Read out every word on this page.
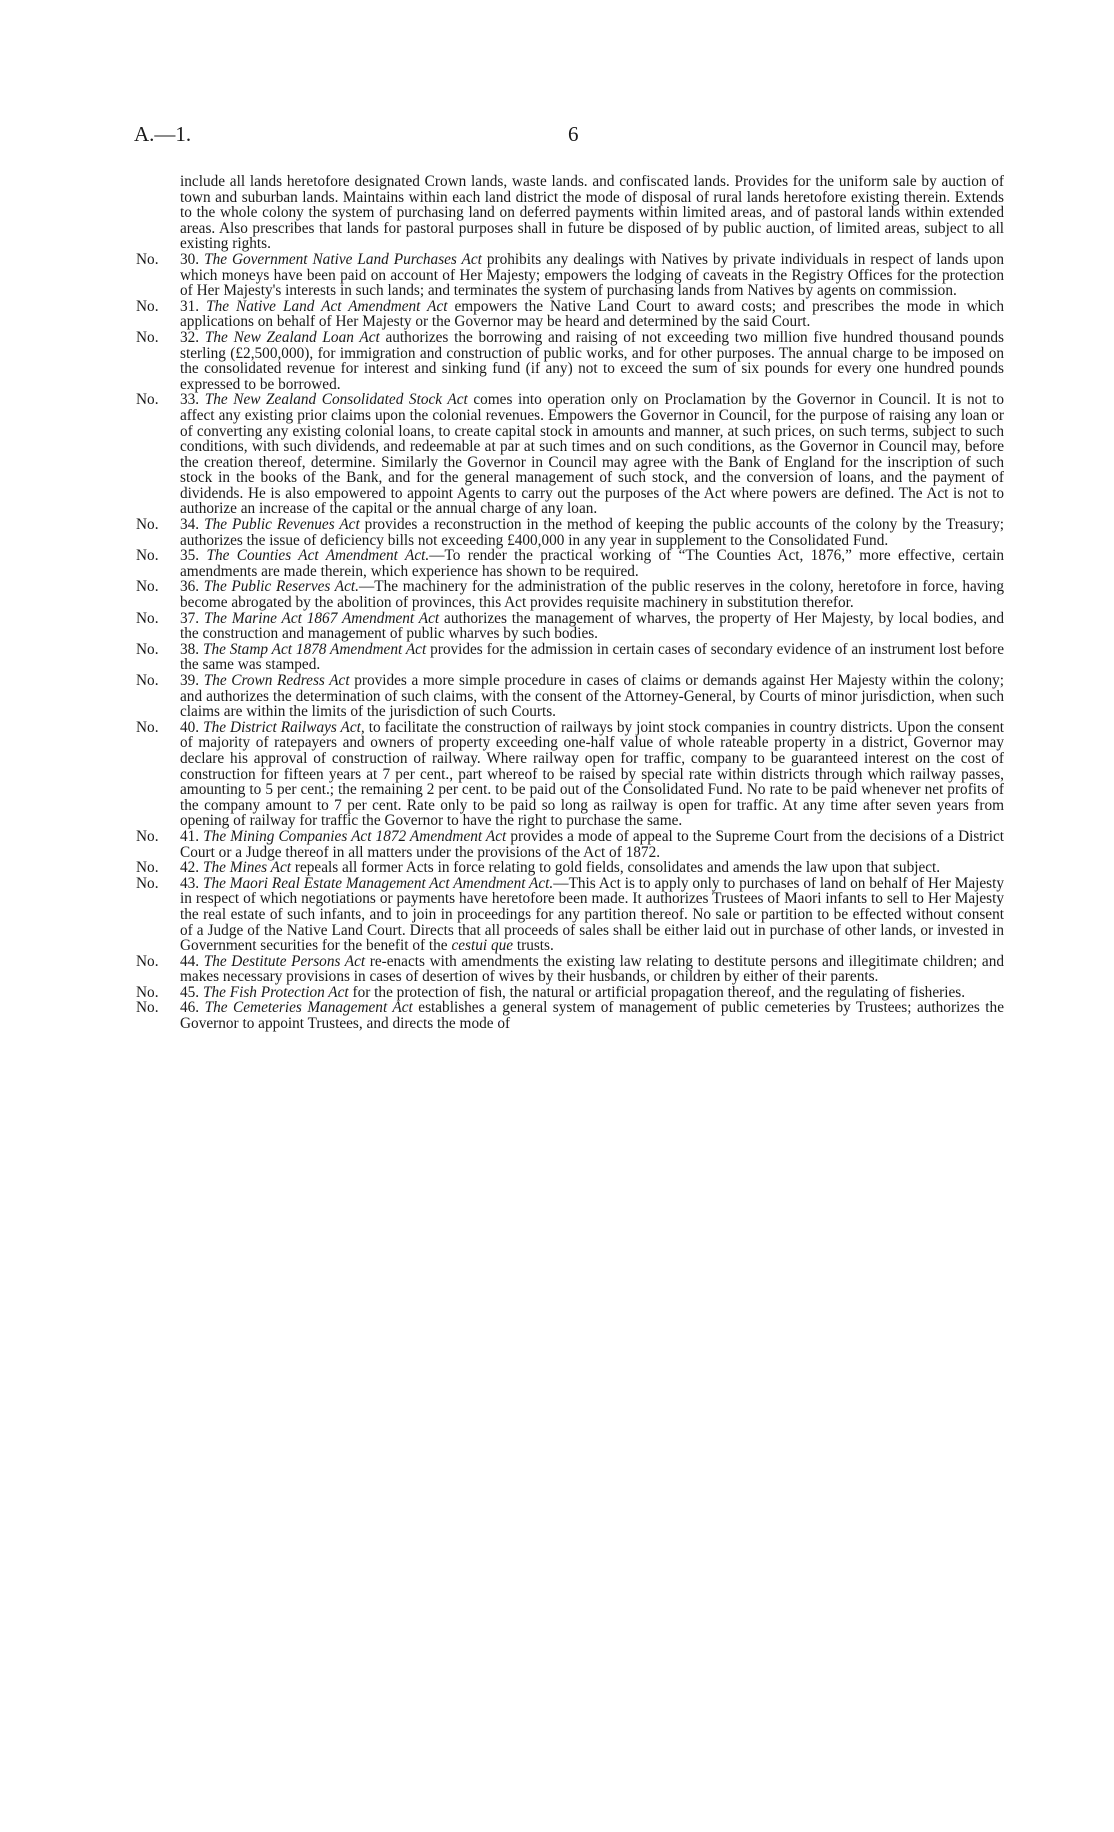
A.—1.	6

include all lands heretofore designated Crown lands, waste lands. and confiscated lands. Provides for the uniform sale by auction of town and suburban lands. Maintains within each land district the mode of disposal of rural lands heretofore existing therein. Extends to the whole colony the system of purchasing land on deferred payments within limited areas, and of pastoral lands within extended areas. Also prescribes that lands for pastoral purposes shall in future be disposed of by public auction, of limited areas, subject to all existing rights.

No. 30. The Government Native Land Purchases Act prohibits any dealings with Natives by private individuals in respect of lands upon which moneys have been paid on account of Her Majesty; empowers the lodging of caveats in the Registry Offices for the protection of Her Majesty's interests in such lands; and terminates the system of purchasing lands from Natives by agents on commission.

No. 31. The Native Land Act Amendment Act empowers the Native Land Court to award costs; and prescribes the mode in which applications on behalf of Her Majesty or the Governor may be heard and determined by the said Court.

No. 32. The New Zealand Loan Act authorizes the borrowing and raising of not exceeding two million five hundred thousand pounds sterling (£2,500,000), for immigration and construction of public works, and for other purposes. The annual charge to be imposed on the consolidated revenue for interest and sinking fund (if any) not to exceed the sum of six pounds for every one hundred pounds expressed to be borrowed.

No. 33. The New Zealand Consolidated Stock Act comes into operation only on Proclamation by the Governor in Council. It is not to affect any existing prior claims upon the colonial revenues. Empowers the Governor in Council, for the purpose of raising any loan or of converting any existing colonial loans, to create capital stock in amounts and manner, at such prices, on such terms, subject to such conditions, with such dividends, and redeemable at par at such times and on such conditions, as the Governor in Council may, before the creation thereof, determine. Similarly the Governor in Council may agree with the Bank of England for the inscription of such stock in the books of the Bank, and for the general management of such stock, and the conversion of loans, and the payment of dividends. He is also empowered to appoint Agents to carry out the purposes of the Act where powers are defined. The Act is not to authorize an increase of the capital or the annual charge of any loan.

No. 34. The Public Revenues Act provides a reconstruction in the method of keeping the public accounts of the colony by the Treasury; authorizes the issue of deficiency bills not exceeding £400,000 in any year in supplement to the Consolidated Fund.

No. 35. The Counties Act Amendment Act.—To render the practical working of “The Counties Act, 1876,” more effective, certain amendments are made therein, which experience has shown to be required.

No. 36. The Public Reserves Act.—The machinery for the administration of the public reserves in the colony, heretofore in force, having become abrogated by the abolition of provinces, this Act provides requisite machinery in substitution therefor.

No. 37. The Marine Act 1867 Amendment Act authorizes the management of wharves, the property of Her Majesty, by local bodies, and the construction and management of public wharves by such bodies.

No. 38. The Stamp Act 1878 Amendment Act provides for the admission in certain cases of secondary evidence of an instrument lost before the same was stamped.

No. 39. The Crown Redress Act provides a more simple procedure in cases of claims or demands against Her Majesty within the colony; and authorizes the determination of such claims, with the consent of the Attorney-General, by Courts of minor jurisdiction, when such claims are within the limits of the jurisdiction of such Courts.

No. 40. The District Railways Act, to facilitate the construction of railways by joint stock companies in country districts. Upon the consent of majority of ratepayers and owners of property exceeding one-half value of whole rateable property in a district, Governor may declare his approval of construction of railway. Where railway open for traffic, company to be guaranteed interest on the cost of construction for fifteen years at 7 per cent., part whereof to be raised by special rate within districts through which railway passes, amounting to 5 per cent.; the remaining 2 per cent. to be paid out of the Consolidated Fund. No rate to be paid whenever net profits of the company amount to 7 per cent. Rate only to be paid so long as railway is open for traffic. At any time after seven years from opening of railway for traffic the Governor to have the right to purchase the same.

No. 41. The Mining Companies Act 1872 Amendment Act provides a mode of appeal to the Supreme Court from the decisions of a District Court or a Judge thereof in all matters under the provisions of the Act of 1872.

No. 42. The Mines Act repeals all former Acts in force relating to gold fields, consolidates and amends the law upon that subject.

No. 43. The Maori Real Estate Management Act Amendment Act.—This Act is to apply only to purchases of land on behalf of Her Majesty in respect of which negotiations or payments have heretofore been made. It authorizes Trustees of Maori infants to sell to Her Majesty the real estate of such infants, and to join in proceedings for any partition thereof. No sale or partition to be effected without consent of a Judge of the Native Land Court. Directs that all proceeds of sales shall be either laid out in purchase of other lands, or invested in Government securities for the benefit of the cestui que trusts.

No. 44. The Destitute Persons Act re-enacts with amendments the existing law relating to destitute persons and illegitimate children; and makes necessary provisions in cases of desertion of wives by their husbands, or children by either of their parents.

No. 45. The Fish Protection Act for the protection of fish, the natural or artificial propagation thereof, and the regulating of fisheries.

No. 46. The Cemeteries Management Act establishes a general system of management of public cemeteries by Trustees; authorizes the Governor to appoint Trustees, and directs the mode of
